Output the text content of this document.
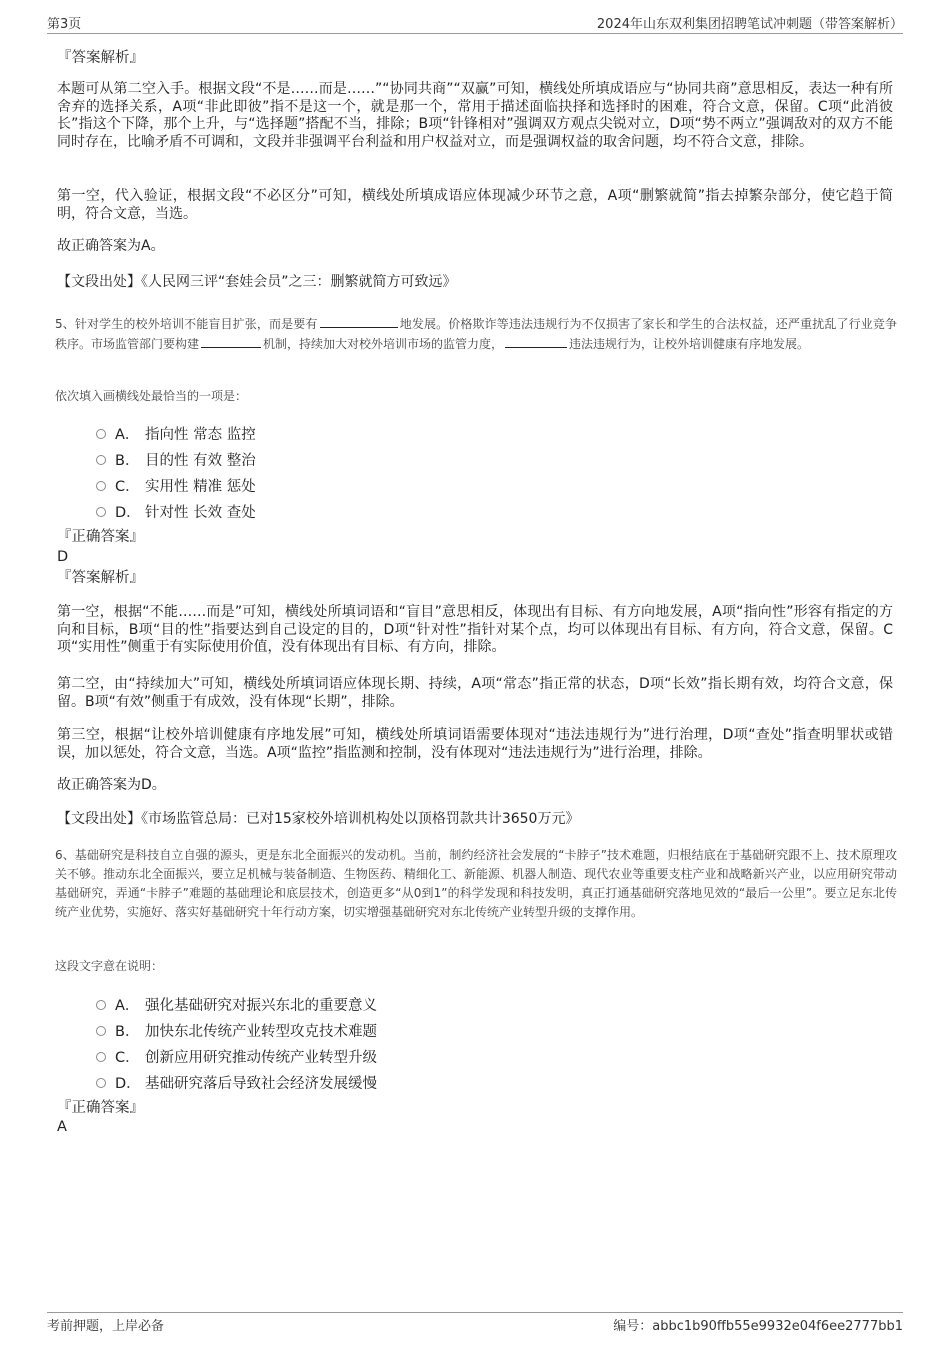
第3页	2024年山东双利集团招聘笔试冲刺题（带答案解析）
『答案解析』
本题可从第二空入手。根据文段“不是……而是……”“协同共商”“双赢”可知，横线处所填成语应与“协同共商”意思相反，表达一种有所舍弃的选择关系，A项“非此即彼”指不是这一个，就是那一个，常用于描述面临抉择和选择时的困难，符合文意，保留。C项“此消彼长”指这个下降，那个上升，与“选择题”搭配不当，排除；B项“针锋相对”强调双方观点尖锐对立，D项“势不两立”强调敌对的双方不能同时存在，比喻矛盾不可调和，文段并非强调平台利益和用户权益对立，而是强调权益的取舍问题，均不符合文意，排除。
第一空，代入验证，根据文段“不必区分”可知，横线处所填成语应体现减少环节之意，A项“删繁就简”指去掉繁杂部分，使它趋于简明，符合文意，当选。
故正确答案为A。
【文段出处】《人民网三评“套娃会员”之三：删繁就简方可致远》
5、针对学生的校外培训不能盲目扩张，而是要有	地发展。价格欺诈等违法违规行为不仅损害了家长和学生的合法权益，还严重扰乱了行业竞争秩序。市场监管部门要构建	机制，持续加大对校外培训市场的监管力度，	违法违规行为，让校外培训健康有序地发展。
依次填入画横线处最恰当的一项是：
A． 指向性 常态 监控
B． 目的性 有效 整治
C． 实用性 精准 惩处
D． 针对性 长效 查处
『正确答案』
D
『答案解析』
第一空，根据“不能……而是”可知，横线处所填词语和“盲目”意思相反，体现出有目标、有方向地发展，A项“指向性”形容有指定的方向和目标，B项“目的性”指要达到自己设定的目的，D项“针对性”指针对某个点，均可以体现出有目标、有方向，符合文意，保留。C项“实用性”侧重于有实际使用价值，没有体现出有目标、有方向，排除。
第二空，由“持续加大”可知，横线处所填词语应体现长期、持续，A项“常态”指正常的状态，D项“长效”指长期有效，均符合文意，保留。B项“有效”侧重于有成效，没有体现“长期”，排除。
第三空，根据“让校外培训健康有序地发展”可知，横线处所填词语需要体现对“违法违规行为”进行治理，D项“查处”指查明罪状或错误，加以惩处，符合文意，当选。A项“监控”指监测和控制，没有体现对“违法违规行为”进行治理，排除。
故正确答案为D。
【文段出处】《市场监管总局：已对15家校外培训机构处以顶格罚款共计3650万元》
6、基础研究是科技自立自强的源头，更是东北全面振兴的发动机。当前，制约经济社会发展的“卡脖子”技术难题，归根结底在于基础研究跟不上、技术原理攻关不够。推动东北全面振兴，要立足机械与装备制造、生物医药、精细化工、新能源、机器人制造、现代农业等重要支柱产业和战略新兴产业，以应用研究带动基础研究，弄通“卡脖子”难题的基础理论和底层技术，创造更多“从0到1”的科学发现和科技发明，真正打通基础研究落地见效的“最后一公里”。要立足东北传统产业优势，实施好、落实好基础研究十年行动方案，切实增强基础研究对东北传统产业转型升级的支撑作用。
这段文字意在说明：
A． 强化基础研究对振兴东北的重要意义
B． 加快东北传统产业转型攻克技术难题
C． 创新应用研究推动传统产业转型升级
D． 基础研究落后导致社会经济发展缓慢
『正确答案』
A
考前押题，上岸必备	编号：abbc1b90ffb55e9932e04f6ee2777bb1
